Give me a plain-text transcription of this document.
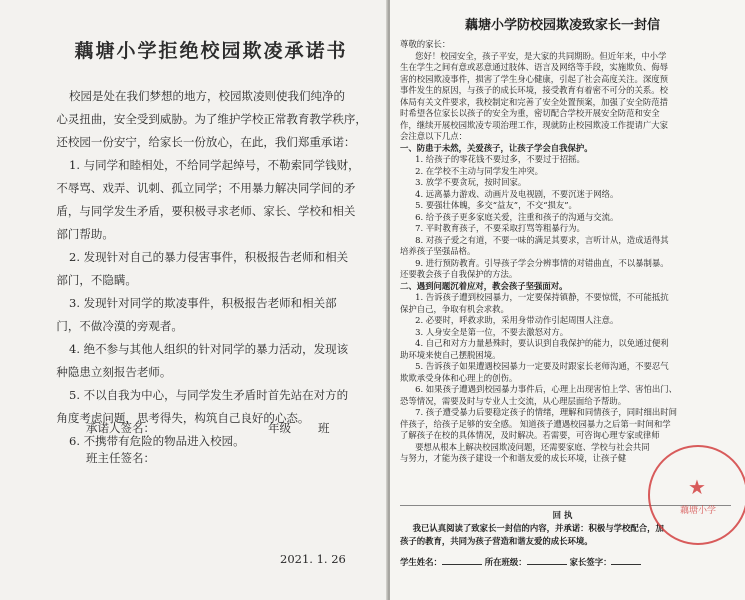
藕塘小学拒绝校园欺凌承诺书

校园是处在我们梦想的地方，校园欺凌则使我们纯净的

心灵扭曲，安全受到威胁。为了维护学校正常教育教学秩序，

还校园一份安宁，给家长一份放心，在此，我们郑重承诺：

1. 与同学和睦相处，不给同学起绰号，不勒索同学钱财，

不辱骂、戏弄、讥刺、孤立同学；不用暴力解决同学间的矛

盾，与同学发生矛盾，要积极寻求老师、家长、学校和相关

部门帮助。

2. 发现针对自己的暴力侵害事件，积极报告老师和相关

部门，不隐瞒。

3. 发现针对同学的欺凌事件，积极报告老师和相关部

门，不做冷漠的旁观者。

4. 绝不参与其他人组织的针对同学的暴力活动，发现该

种隐患立刻报告老师。

5. 不以自我为中心，与同学发生矛盾时首先站在对方的

角度考虑问题，思考得失，构筑自己良好的心态。

6. 不携带有危险的物品进入校园。

承诺人签名：	年级 班
班主任签名：
2021. 1. 26
藕塘小学防校园欺凌致家长一封信
尊敬的家长：
您好！校园安全，孩子平安，是大家的共同期盼。但近年来，中小学
生在学生之间有意或恶意通过肢体、语言及网络等手段，实施欺负、侮辱
害的校园欺凌事件，损害了学生身心健康，引起了社会高度关注。深度预
事件发生的原因，与孩子的成长环境，接受教育有着密不可分的关系。校
体局有关文件要求，我校制定和完善了安全处置预案，加强了安全防范措
时希望各位家长以孩子的安全为重，密切配合学校开展安全防范和安全
作，继续开展校园欺凌专项治理工作，现就防止校园欺凌工作提请广大家
会注意以下几点：
一、防患于未然，关爱孩子，让孩子学会自我保护。
1. 给孩子的零花钱不要过多，不要过于招摇。
2. 在学校不主动与同学发生冲突。
3. 放学不要贪玩，按时回家。
4. 远离暴力游戏、动画片及电视剧，不要沉迷于网络。
5. 要强壮体魄，多交“益友”，不交“损友”。
6. 给予孩子更多家庭关爱，注重和孩子的沟通与交流。
7. 平时教育孩子，不要采取打骂等粗暴行为。
8. 对孩子爱之有道，不要一味的满足其要求，言听计从，造成适得其
培养孩子坚强品格。
9. 进行预防教育。引导孩子学会分辨事情的对错曲直，不以暴制暴。
还要教会孩子自我保护的方法。
二、遇到问题沉着应对，教会孩子坚强面对。
1. 告诉孩子遭到校园暴力，一定要保持镇静，不要惊慌，不可能抵抗
保护自己，争取有机会求救。
2. 必要时，呼救求助，采用身带动作引起周围人注意。
3. 人身安全是第一位，不要去激怒对方。
4. 自己和对方力量悬殊时，要认识到自我保护的能力，以免通过便利
助环境来使自己摆脱困境。
5. 告诉孩子如果遭遇校园暴力一定要及时跟家长老师沟通，不要忍气
欺欺承受身体和心理上的创伤。
6. 如果孩子遭遇到校园暴力事件后，心理上出现害怕上学、害怕出门、
恐等情况，需要及时与专业人士交流，从心理层面给予帮助。
7. 孩子遭受暴力后要稳定孩子的情绪，理解和同情孩子，同时细出时间
伴孩子，给孩子足够的安全感。 知道孩子遭遇校园暴力之后第一时间和学
了解孩子在校的具体情况，及时解决。若需要，可咨询心理专家或律师
要想从根本上解决校园欺凌问题，还需要家庭、学校与社会共同
与努力，才能为孩子建设一个和谐友爱的成长环境，让孩子健
回 执
我已认真阅读了致家长一封信的内容，并承诺：积极与学校配合，加
孩子的教育，共同为孩子营造和谐友爱的成长环境。
学生姓名：	所在班级：	家长签字：
★
藕塘小学
